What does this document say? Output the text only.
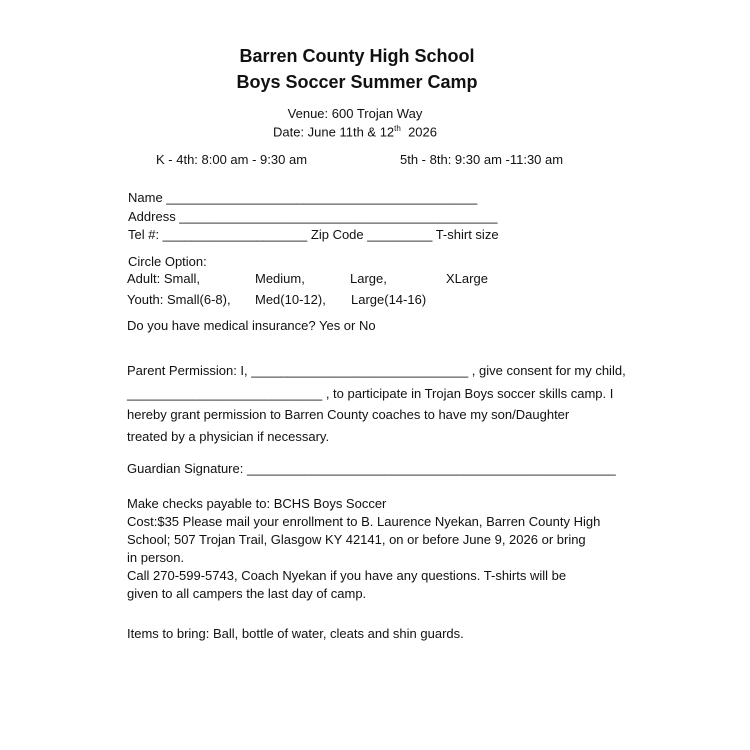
Barren County High School
Boys Soccer Summer Camp
Venue: 600 Trojan Way
Date: June 11th & 12th  2026
K - 4th: 8:00 am - 9:30 am	5th - 8th: 9:30 am -11:30 am
Name ___________________________________________
Address ____________________________________________
Tel #: ____________________ Zip Code _________ T-shirt size
Circle Option:
Adult: Small,	Medium,	Large,	XLarge
Youth: Small(6-8), Med(10-12), Large(14-16)
Do you have medical insurance? Yes or No
Parent Permission: I, ______________________________ , give consent for my child,
___________________________ , to participate in Trojan Boys soccer skills camp. I
hereby grant permission to Barren County coaches to have my son/Daughter
treated by a physician if necessary.
Guardian Signature: ___________________________________________________
Make checks payable to: BCHS Boys Soccer
Cost:$35 Please mail your enrollment to B. Laurence Nyekan, Barren County High
School; 507 Trojan Trail, Glasgow KY 42141, on or before June 9, 2026 or bring
in person.
Call 270-599-5743, Coach Nyekan if you have any questions. T-shirts will be
given to all campers the last day of camp.
Items to bring: Ball, bottle of water, cleats and shin guards.
